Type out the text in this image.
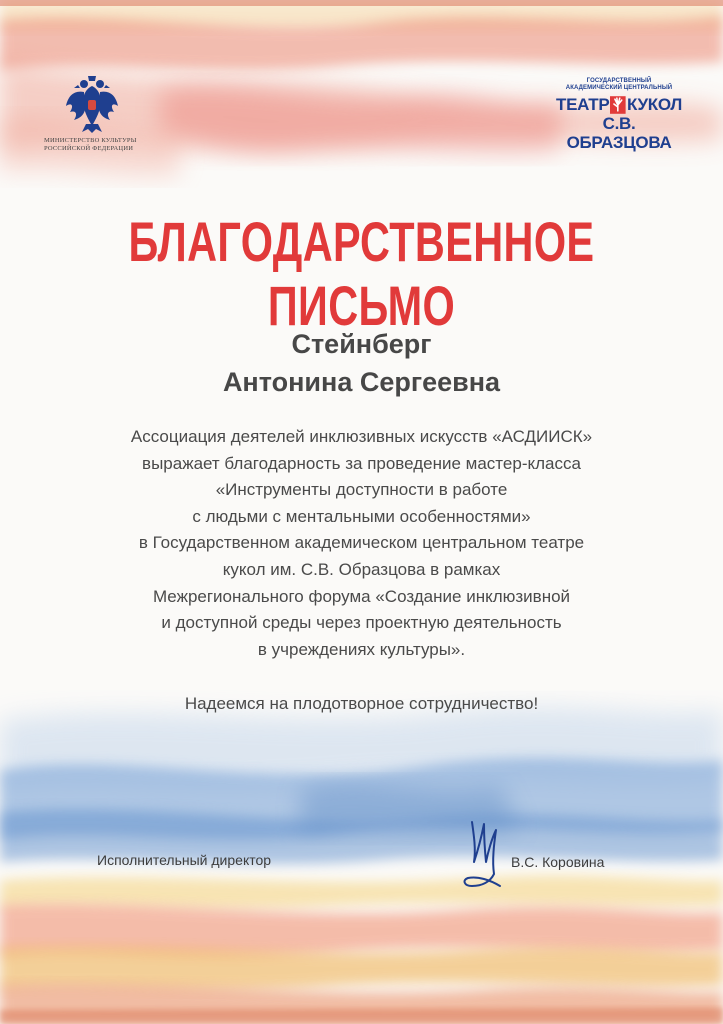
МИНИСТЕРСТВО КУЛЬТУРЫ РОССИЙСКОЙ ФЕДЕРАЦИИ
ГОСУДАРСТВЕННЫЙ
АКАДЕМИЧЕСКИЙ ЦЕНТРАЛЬНЫЙ
ТЕАТР КУКОЛ
С.В. ОБРАЗЦОВА
БЛАГОДАРСТВЕННОЕ ПИСЬМО
Стейнберг
Антонина Сергеевна
Ассоциация деятелей инклюзивных искусств «АСДИИСК»
выражает благодарность за проведение мастер-класса
«Инструменты доступности в работе
с людьми с ментальными особенностями»
в Государственном академическом центральном театре
кукол им. С.В. Образцова в рамках
Межрегионального форума «Создание инклюзивной
и доступной среды через проектную деятельность
в учреждениях культуры».
Надеемся на плодотворное сотрудничество!
Исполнительный директор	В.С. Коровина
